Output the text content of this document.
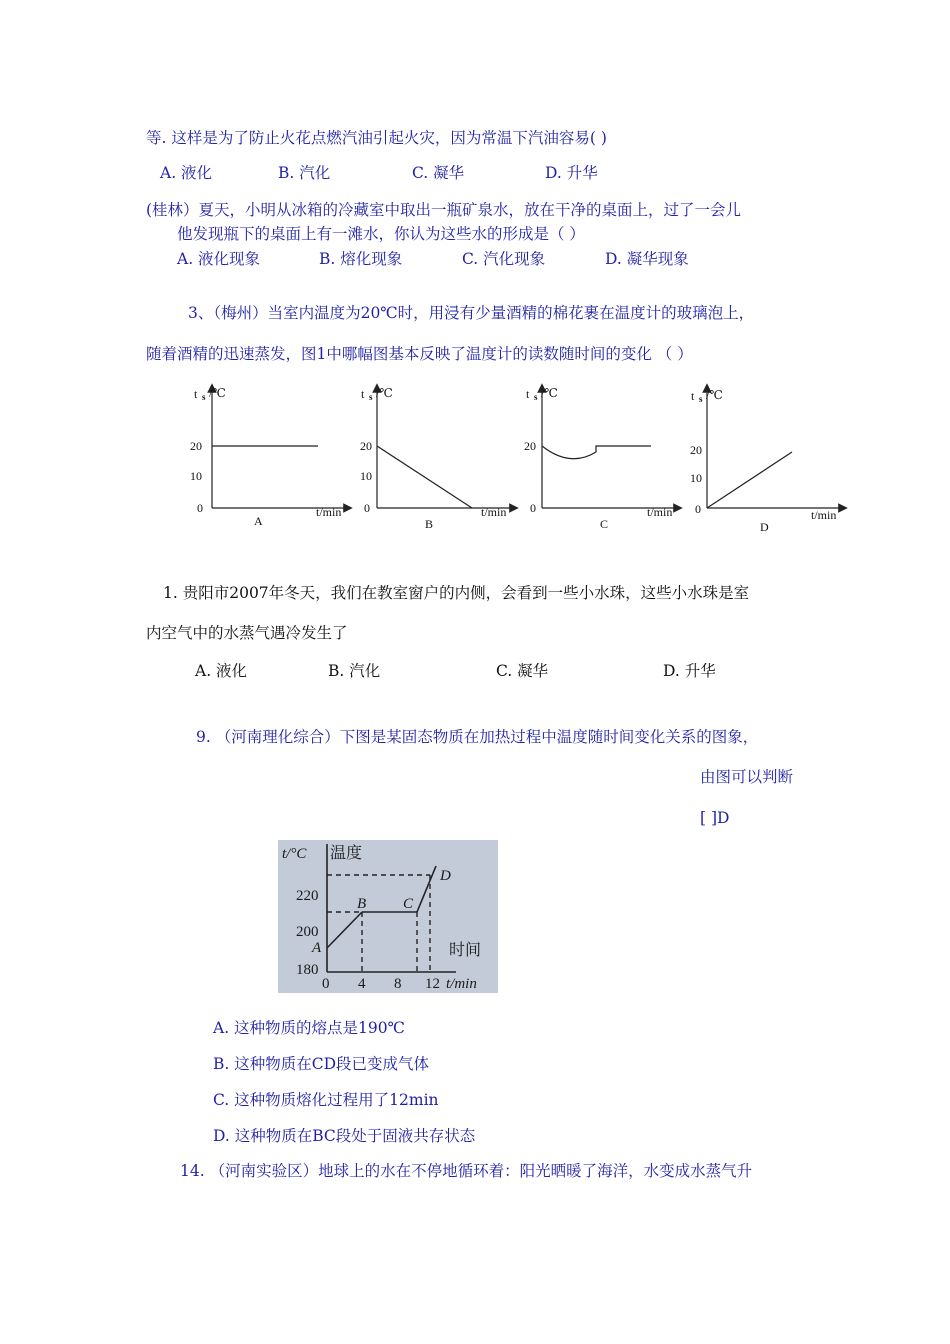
等. 这样是为了防止火花点燃汽油引起火灾，因为常温下汽油容易( )
A. 液化	B. 汽化	C. 凝华	D. 升华
(桂林）夏天，小明从冰箱的冷藏室中取出一瓶矿泉水，放在干净的桌面上，过了一会儿
他发现瓶下的桌面上有一滩水，你认为这些水的形成是（ ）
A. 液化现象	B. 熔化现象	C. 汽化现象	D. 凝华现象
3、（梅州）当室内温度为20℃时，用浸有少量酒精的棉花裹在温度计的玻璃泡上，
随着酒精的迅速蒸发，图1中哪幅图基本反映了温度计的读数随时间的变化 （ ）
t s /℃
20
10
0	t/min
A
t s /℃
20
10
0	t/min
B
t s /℃
20
0	t/min
C
t s /℃
20
10
0	t/min
D
1. 贵阳市2007年冬天，我们在教室窗户的内侧，会看到一些小水珠，这些小水珠是室
内空气中的水蒸气遇冷发生了
A. 液化	B. 汽化	C. 凝华	D. 升华
9. （河南理化综合）下图是某固态物质在加热过程中温度随时间变化关系的图象，
由图可以判断
[ ]D
t/°C 温度
220
200
180
A
B C
D
时间
0 4 8 12 t/min
A. 这种物质的熔点是190℃
B. 这种物质在CD段已变成气体
C. 这种物质熔化过程用了12min
D. 这种物质在BC段处于固液共存状态
14. （河南实验区）地球上的水在不停地循环着：阳光晒暖了海洋，水变成水蒸气升
